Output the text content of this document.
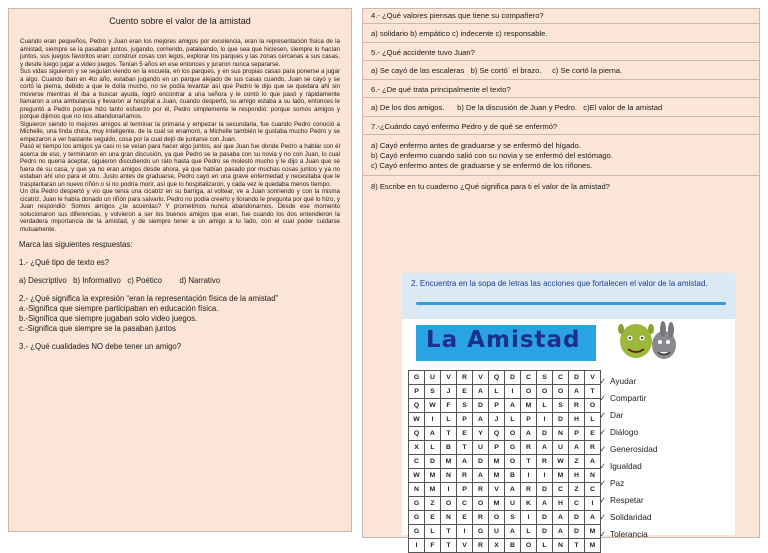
Cuento sobre el valor de la amistad

Cuando eran pequeños, Pedro y Juan eran los mejores amigos por excelencia, eran la representación física de la amistad, siempre se la pasaban juntos, jugando, corriendo, pataleando, lo que sea que hiciesen, siempre lo hacían juntos, sus juegos favoritos eran: construir cosas con legos, explorar los parques y las zonas cercanas a sus casas, y desde luego jugar a video juegos. Tenían 5 años en ese entonces y juraron nunca separarse.

Sus vidas siguieron y se seguían viendo en la escuela, en los parques, y en sus propias casas para ponerse a jugar a algo. Cuando iban en 4to año, estaban jugando en un parque alejado de sus casas cuando, Juan se cayó y se cortó la pierna, debido a que le dolía mucho, no se podía levantar así que Pedro le dijo que se quedara ahí sin moverse mientras él iba a buscar ayuda, logró encontrar a una señora y le contó lo que pasó y rápidamente llamaron a una ambulancia y llevaron al hospital a Juan, cuando despertó, su amigo estaba a su lado, entonces le preguntó a Pedro porque hizo tanto esfuerzo por él, Pedro simplemente le respondió: porque somos amigos y porque dijimos que no nos abandonaríamos.

Siguieron siendo lo mejores amigos al terminar la primaria y empezar la secundaria, fue cuando Pedro conoció a Michelle, una linda chica, muy inteligente, de la cual se enamoró, a Michelle también le gustaba mucho Pedro y se empezaron a ver bastante seguido, cosa por la cual dejó de juntarse con Juan.

Pasó el tiempo los amigos ya casi ni se veían para hacer algo juntos, así que Juan fue donde Pedro a hablar con él acerca de eso, y terminaron en una gran discusión, ya que Pedro se la pasaba con su novia y no con Juan, lo cual Pedro no quería aceptar, siguieron discutiendo un rato hasta que Pedro se molestó mucho y le dijo a Juan que se fuera de su casa, y que ya no eran amigos desde ahora, ya que habían pasado por muchas cosas juntos y ya no estaban ahí uno para el otro. Justo antes de graduarse, Pedro cayó en una grave enfermedad y necesitaba que le trasplantaran un nuevo riñón o si no podría morir, así que lo hospitalizaron, y cada vez le quedaba menos tiempo.

Un día Pedro despertó y vio que tenía una cicatriz en su barriga, al voltear, ve a Juan sonriendo y con la misma cicatriz, Juan le había donado un riñón para salvarlo, Pedro no podía creerlo y llorando le pregunta por qué lo hizo, y Juan respondió: Somos amigos ¿te acuerdas? Y prometimos nunca abandonarnos. Desde ese momento solucionaron sus diferencias, y volvieron a ser los buenos amigos que eran, fue cuando los dos entendieron la verdadera importancia de la amistad, y de siempre tener a un amigo a tu lado, con el cual poder cuidarse mutuamente.

Marca las siguientes respuestas:
1.- ¿Qué tipo de texto es?
a) Descriptivo   b) Informativo   c) Poético        d) Narrativo
2.- ¿Qué significa la expresión “eran la representación física de la amistad”
a.-Significa que siempre participaban en educación física.
b.-Significa que siempre jugaban solo video juegos.
c.-Significa que siempre se la pasaban juntos
3.- ¿Qué cualidades NO debe tener un amigo?
4.- ¿Qué valores piensas que tiene su compañero?
a) solidario b) empático c) indecente c) responsable.
5.- ¿Qué accidente tuvo Juan?
a) Se cayó de las escaleras   b) Se cortó´ el brazo.     c) Se cortó la pierna.
6.- ¿De qué trata principalmente el texto?
a) De los dos amigos.      b) De la discusión de Juan y Pedro.   c)El valor de la amistad
7.-¿Cuándo cayó enfermo Pedro y de qué se enfermó?
a) Cayó enfermo antes de graduarse y se enfermó del hígado.
b) Cayó enfermo cuando salió con su novia y se enfermó del estómago.
c) Cayó enfermo antes de graduarse y se enfermó de los riñones.
8) Escribe en tu cuaderno ¿Qué significa para ti el valor de la amistad?
2. Encuentra en la sopa de letras las acciones que fortalecen el valor de la amistad.
La Amistad
G	U	V	R	V	Q	D	C	S	C	D	V
P	S	J	E	A	L	I	O	O	O	A	T
Q	W	F	S	D	P	A	M	L	S	R	O
W	I	L	P	A	J	L	P	I	D	H	L
Q	A	T	E	Y	Q	O	A	D	N	P	E
X	L	B	T	U	P	G	R	A	U	A	R
C	D	M	A	D	M	O	T	R	W	Z	A
W	M	N	R	A	M	B	I	I	M	H	N
N	M	I	P	R	V	A	R	D	C	Z	C
G	Z	O	C	O	M	U	K	A	H	C	I
G	E	N	E	R	O	S	I	D	A	D	A
G	L	T	I	G	U	A	L	D	A	D	M
I	F	T	V	R	X	B	O	L	N	T	M
✓ Ayudar
✓ Compartir
✓ Dar
✓ Diálogo
✓ Generosidad
✓ Igualdad
✓ Paz
✓ Respetar
✓ Solidaridad
✓ Tolerancia
